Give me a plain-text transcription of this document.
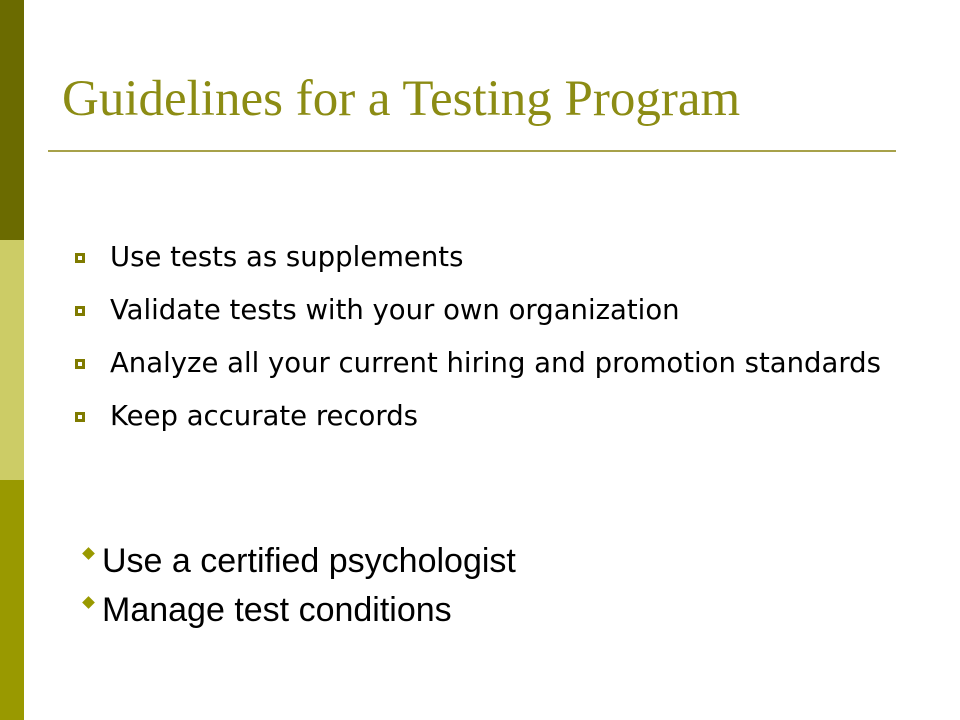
Guidelines for a Testing Program
Use tests as supplements
Validate tests with your own organization
Analyze all your current hiring and promotion standards
Keep accurate records
Use a certified psychologist
Manage test conditions
